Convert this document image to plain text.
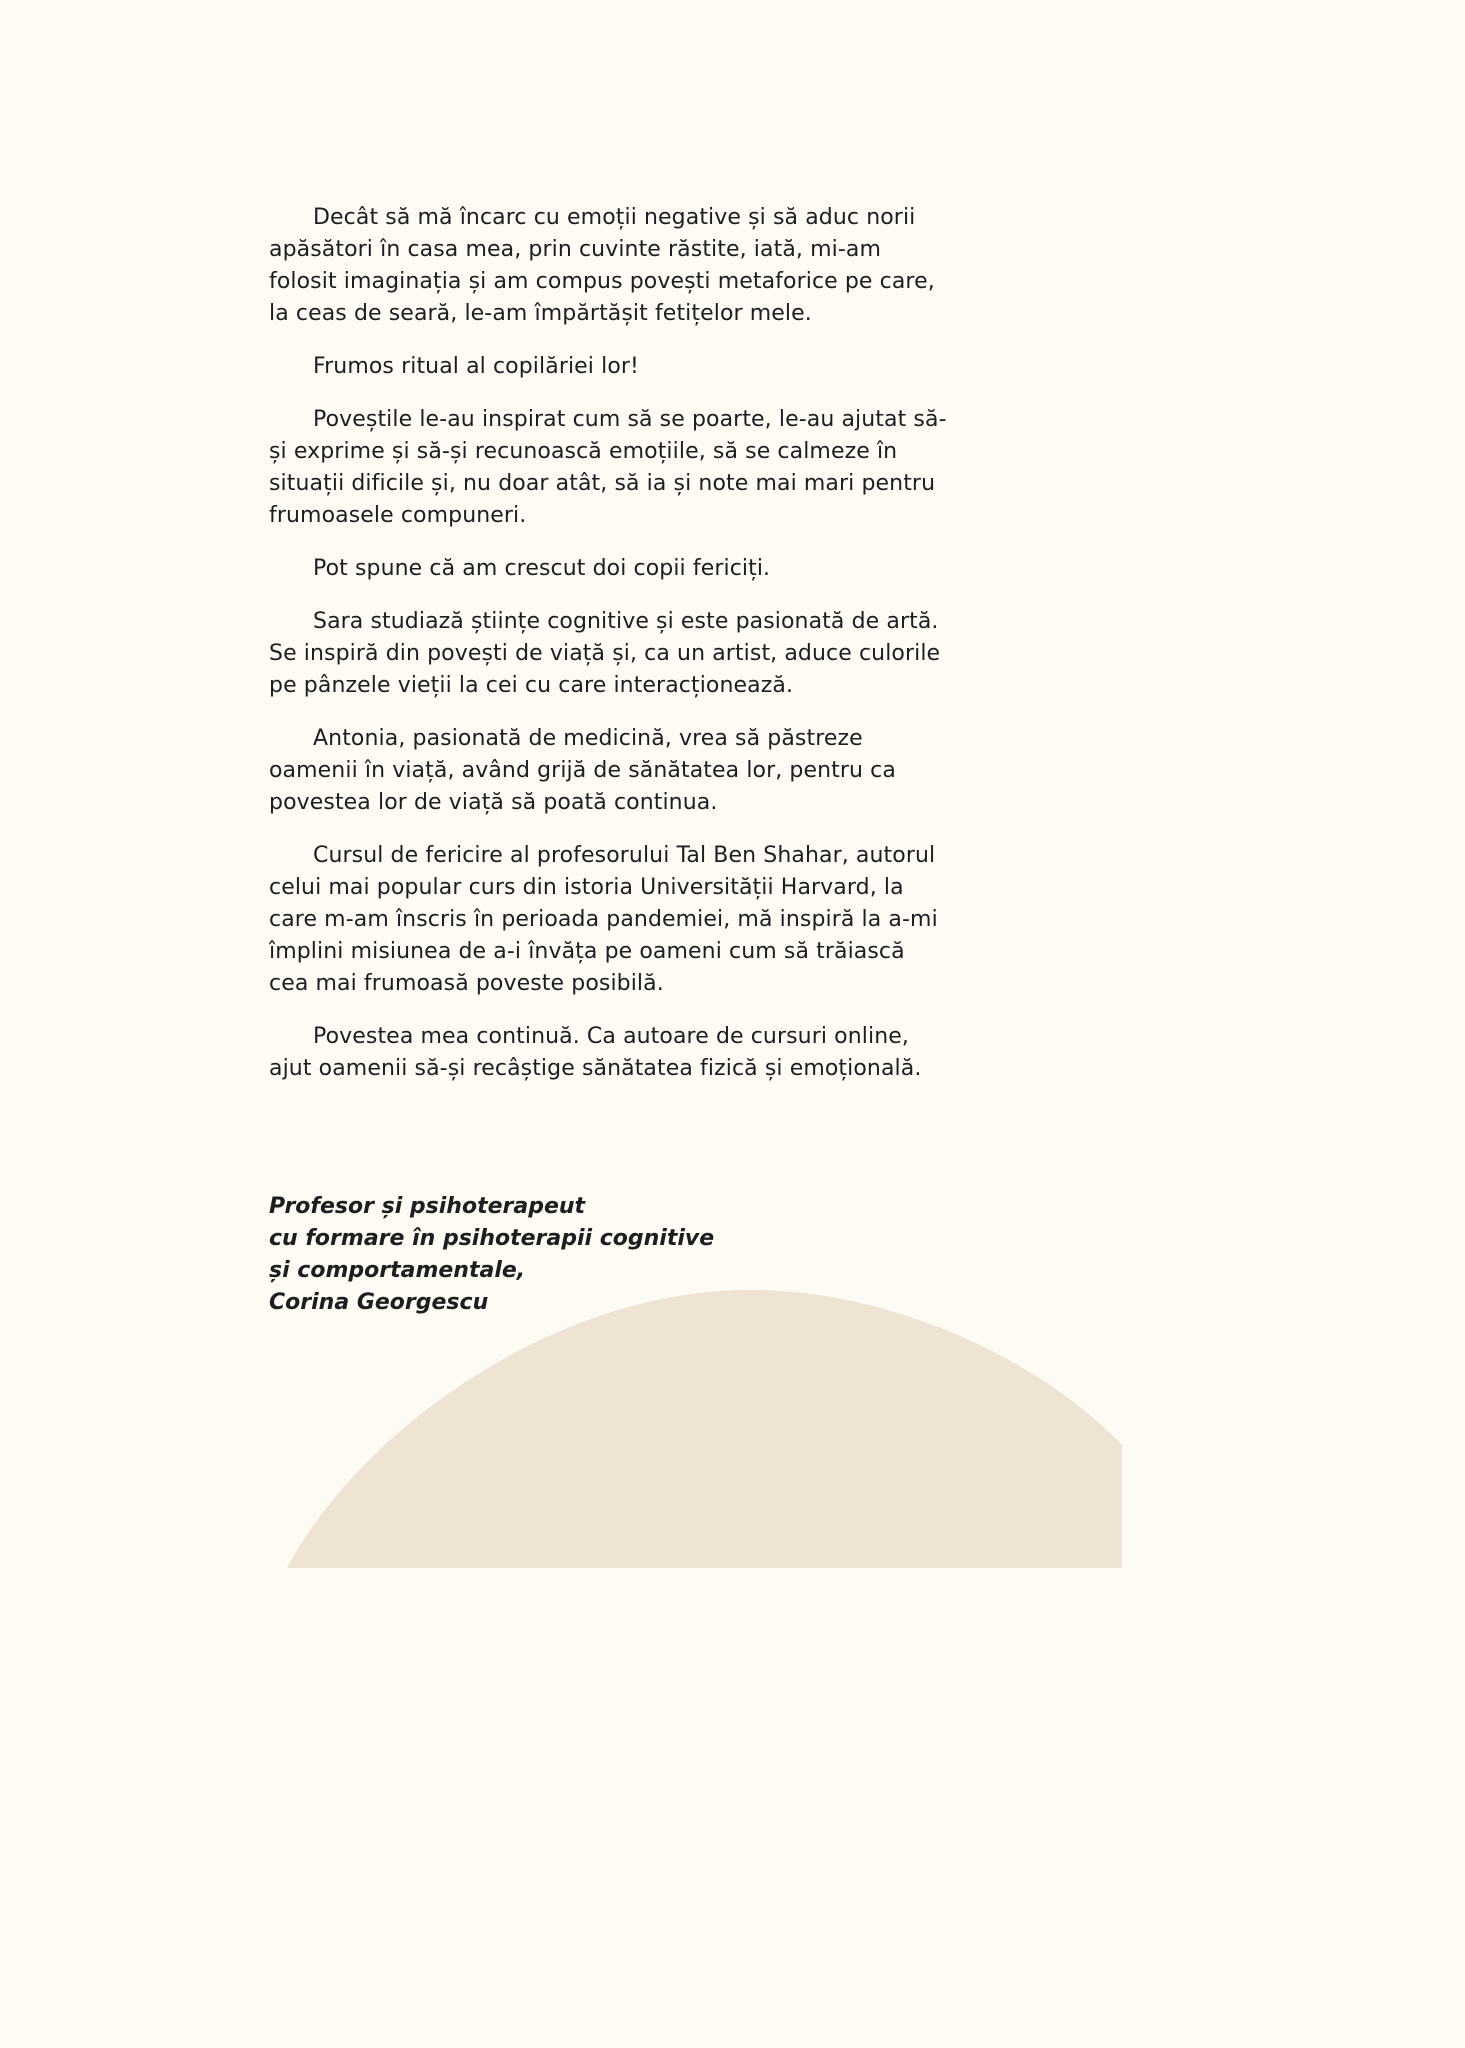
Decât să mă încarc cu emoții negative și să aduc norii apăsători în casa mea, prin cuvinte răstite, iată, mi-am folosit imaginația și am compus povești metaforice pe care, la ceas de seară, le-am împărtășit fetițelor mele.

Frumos ritual al copilăriei lor!

Poveștile le-au inspirat cum să se poarte, le-au ajutat să-și exprime și să-și recunoască emoțiile, să se calmeze în situații dificile și, nu doar atât, să ia și note mai mari pentru frumoasele compuneri.

Pot spune că am crescut doi copii fericiți.

Sara studiază științe cognitive și este pasionată de artă. Se inspiră din povești de viață și, ca un artist, aduce culorile pe pânzele vieții la cei cu care interacționează.

Antonia, pasionată de medicină, vrea să păstreze oamenii în viață, având grijă de sănătatea lor, pentru ca povestea lor de viață să poată continua.

Cursul de fericire al profesorului Tal Ben Shahar, autorul celui mai popular curs din istoria Universității Harvard, la care m-am înscris în perioada pandemiei, mă inspiră la a-mi împlini misiunea de a-i învăța pe oameni cum să trăiască cea mai frumoasă poveste posibilă.

Povestea mea continuă. Ca autoare de cursuri online, ajut oamenii să-și recâștige sănătatea fizică și emoțională.

Profesor și psihoterapeut
cu formare în psihoterapii cognitive
și comportamentale,
Corina Georgescu
